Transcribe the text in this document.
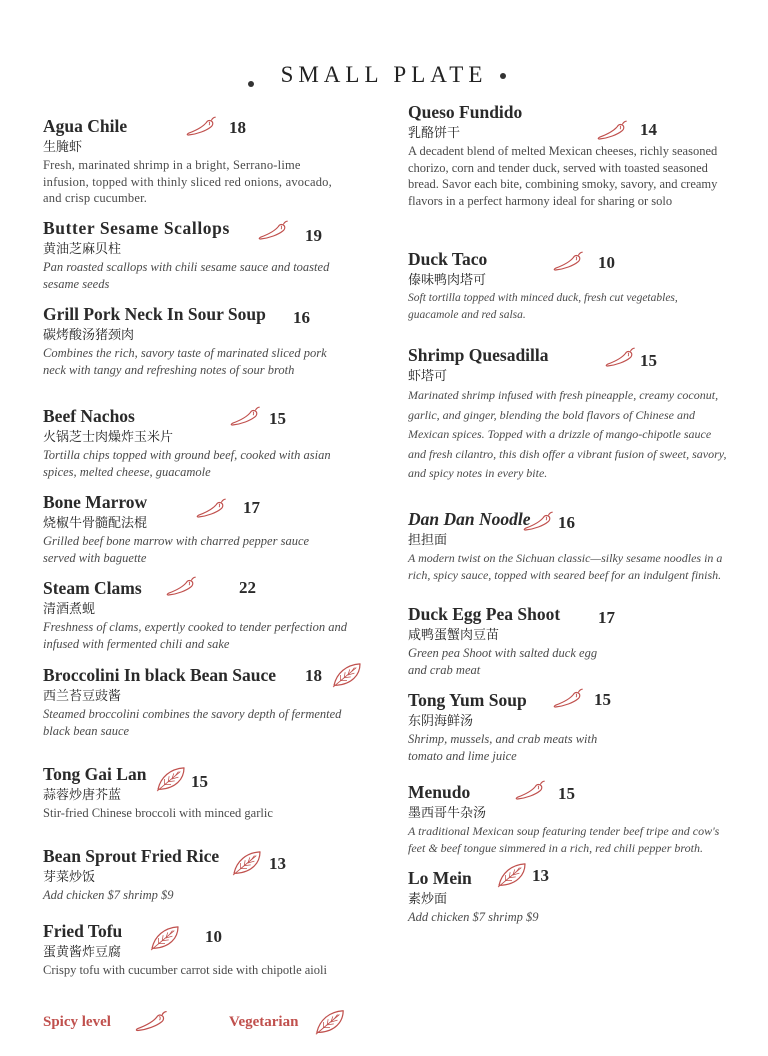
SMALL PLATE
Agua Chile	18
生腌虾
Fresh, marinated shrimp in a bright, Serrano-lime infusion, topped with thinly sliced red onions, avocado, and crisp cucumber.
Butter Sesame Scallops	19
黄油芝麻贝柱
Pan roasted scallops with chili sesame sauce and toasted sesame seeds
Grill Pork Neck In Sour Soup 16
碳烤酸汤猪颈肉
Combines the rich, savory taste of marinated sliced pork neck with tangy and refreshing notes of sour broth
Beef Nachos	15
火锅芝士肉燥炸玉米片
Tortilla chips topped with ground beef, cooked with asian spices, melted cheese, guacamole
Bone Marrow	17
烧椒牛骨髓配法棍
Grilled beef bone marrow with charred pepper sauce served with baguette
Steam Clams	22
清酒煮蚬
Freshness of clams, expertly cooked to tender perfection and infused with fermented chili and sake
Broccolini In black Bean Sauce 18
西兰苔豆豉酱
Steamed broccolini combines the savory depth of fermented black bean sauce
Tong Gai Lan	15
蒜蓉炒唐芥蓝
Stir-fried Chinese broccoli with minced garlic
Bean Sprout Fried Rice	13
芽菜炒饭
Add chicken $7 shrimp $9
Fried Tofu	10
蛋黄酱炸豆腐
Crispy tofu with cucumber carrot side with chipotle aioli
Queso Fundido
14
乳酪饼干
A decadent blend of melted Mexican cheeses, richly seasoned chorizo, corn and tender duck, served with toasted seasoned bread. Savor each bite, combining smoky, savory, and creamy flavors in a perfect harmony ideal for sharing or solo
Duck Taco	10
傣味鸭肉塔可
Soft tortilla topped with minced duck, fresh cut vegetables, guacamole and red salsa.
Shrimp Quesadilla	15
虾塔可
Marinated shrimp infused with fresh pineapple, creamy coconut, garlic, and ginger, blending the bold flavors of Chinese and Mexican spices. Topped with a drizzle of mango-chipotle sauce and fresh cilantro, this dish offer a vibrant fusion of sweet, savory, and spicy notes in every bite.
Dan Dan Noodle 16
担担面
A modern twist on the Sichuan classic—silky sesame noodles in a rich, spicy sauce, topped with seared beef for an indulgent finish.
Duck Egg Pea Shoot 17
咸鸭蛋蟹肉豆苗
Green pea Shoot with salted duck egg and crab meat
Tong Yum Soup	15
东阴海鲜汤
Shrimp, mussels, and crab meats with tomato and lime juice
Menudo	15
墨西哥牛杂汤
A traditional Mexican soup featuring tender beef tripe and cow's feet & beef tongue simmered in a rich, red chili pepper broth.
Lo Mein	13
素炒面
Add chicken $7 shrimp $9
Spicy level	Vegetarian
